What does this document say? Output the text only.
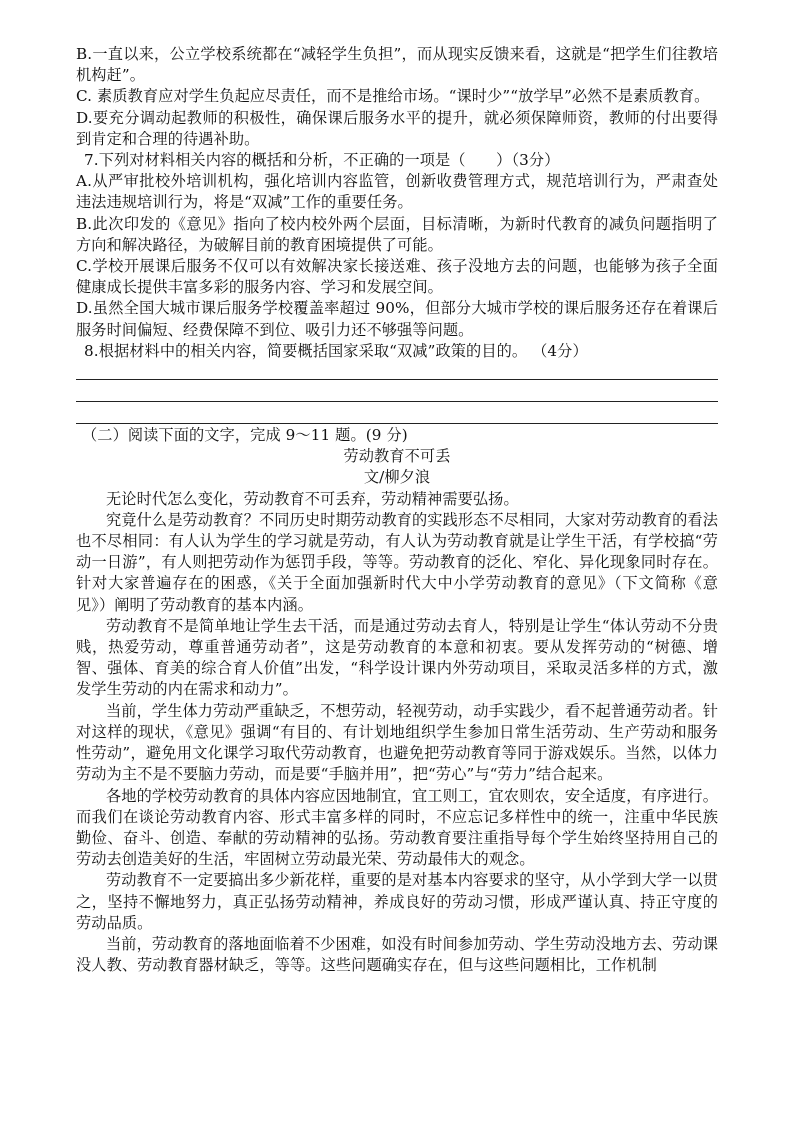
B.一直以来，公立学校系统都在“减轻学生负担”，而从现实反馈来看，这就是“把学生们往教培机构赶”。

C. 素质教育应对学生负起应尽责任，而不是推给市场。“课时少”“放学早”必然不是素质教育。

D.要充分调动起教师的积极性，确保课后服务水平的提升，就必须保障师资，教师的付出要得到肯定和合理的待遇补助。

7.下列对材料相关内容的概括和分析，不正确的一项是（　　）（3分）

A.从严审批校外培训机构，强化培训内容监管，创新收费管理方式，规范培训行为，严肃查处违法违规培训行为，将是“双减”工作的重要任务。

B.此次印发的《意见》指向了校内校外两个层面，目标清晰，为新时代教育的减负问题指明了方向和解决路径，为破解目前的教育困境提供了可能。

C.学校开展课后服务不仅可以有效解决家长接送难、孩子没地方去的问题，也能够为孩子全面健康成长提供丰富多彩的服务内容、学习和发展空间。

D.虽然全国大城市课后服务学校覆盖率超过 90%，但部分大城市学校的课后服务还存在着课后服务时间偏短、经费保障不到位、吸引力还不够强等问题。

8.根据材料中的相关内容，简要概括国家采取“双减”政策的目的。 （4分）

（二）阅读下面的文字，完成 9～11 题。(9 分)

劳动教育不可丢

文/柳夕浪

无论时代怎么变化，劳动教育不可丢弃，劳动精神需要弘扬。

究竟什么是劳动教育？不同历史时期劳动教育的实践形态不尽相同，大家对劳动教育的看法也不尽相同：有人认为学生的学习就是劳动，有人认为劳动教育就是让学生干活，有学校搞“劳动一日游”，有人则把劳动作为惩罚手段，等等。劳动教育的泛化、窄化、异化现象同时存在。针对大家普遍存在的困惑，《关于全面加强新时代大中小学劳动教育的意见》（下文简称《意见》）阐明了劳动教育的基本内涵。

劳动教育不是简单地让学生去干活，而是通过劳动去育人，特别是让学生“体认劳动不分贵贱，热爱劳动，尊重普通劳动者”，这是劳动教育的本意和初衷。要从发挥劳动的“树德、增智、强体、育美的综合育人价值”出发，“科学设计课内外劳动项目，采取灵活多样的方式，激发学生劳动的内在需求和动力”。

当前，学生体力劳动严重缺乏，不想劳动，轻视劳动，动手实践少，看不起普通劳动者。针对这样的现状，《意见》强调“有目的、有计划地组织学生参加日常生活劳动、生产劳动和服务性劳动”，避免用文化课学习取代劳动教育，也避免把劳动教育等同于游戏娱乐。当然，以体力劳动为主不是不要脑力劳动，而是要“手脑并用”，把“劳心”与“劳力”结合起来。

各地的学校劳动教育的具体内容应因地制宜，宜工则工，宜农则农，安全适度，有序进行。而我们在谈论劳动教育内容、形式丰富多样的同时，不应忘记多样性中的统一，注重中华民族勤俭、奋斗、创造、奉献的劳动精神的弘扬。劳动教育要注重指导每个学生始终坚持用自己的劳动去创造美好的生活，牢固树立劳动最光荣、劳动最伟大的观念。

劳动教育不一定要搞出多少新花样，重要的是对基本内容要求的坚守，从小学到大学一以贯之，坚持不懈地努力，真正弘扬劳动精神，养成良好的劳动习惯，形成严谨认真、持正守度的劳动品质。

当前，劳动教育的落地面临着不少困难，如没有时间参加劳动、学生劳动没地方去、劳动课没人教、劳动教育器材缺乏，等等。这些问题确实存在，但与这些问题相比，工作机制
